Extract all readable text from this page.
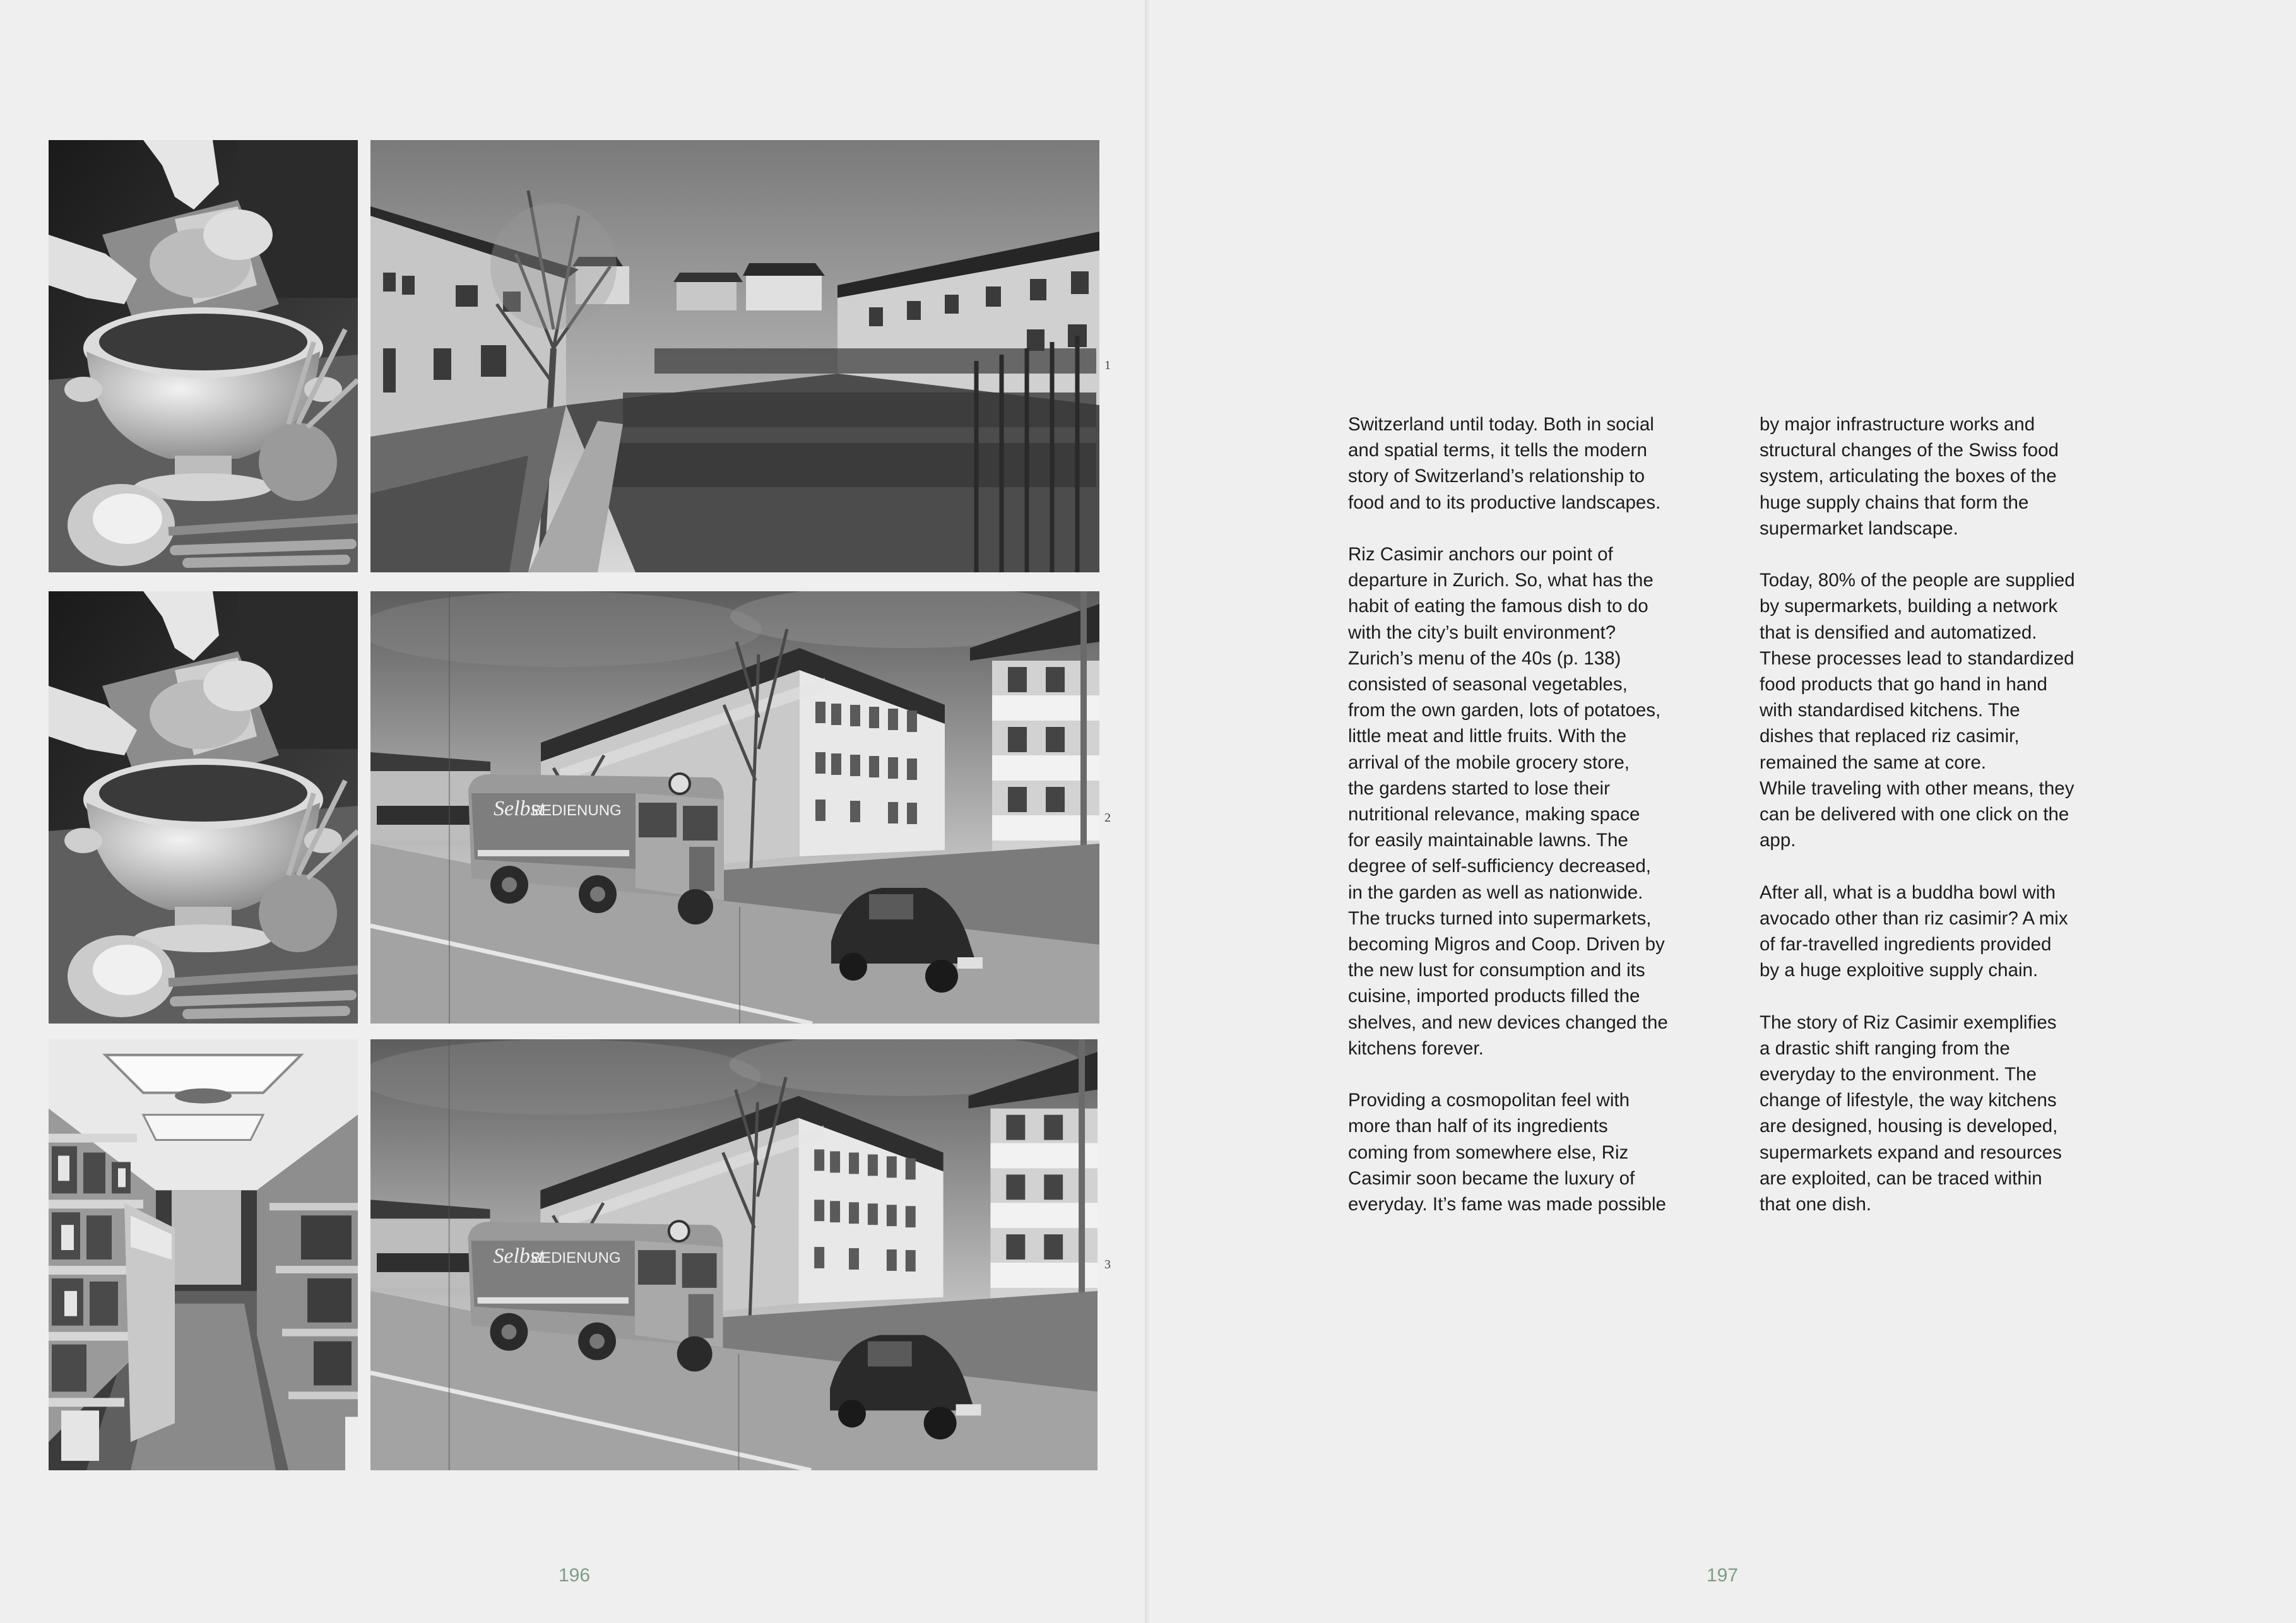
1
Selbst
BEDIENUNG	2
Selbst
BEDIENUNG	3
196

Switzerland until today. Both in social
and spatial terms, it tells the modern
story of Switzerland’s relationship to
food and to its productive landscapes.

Riz Casimir anchors our point of
departure in Zurich. So, what has the
habit of eating the famous dish to do
with the city’s built environment?
Zurich’s menu of the 40s (p. 138)
consisted of seasonal vegetables,
from the own garden, lots of potatoes,
little meat and little fruits. With the
arrival of the mobile grocery store,
the gardens started to lose their
nutritional relevance, making space
for easily maintainable lawns. The
degree of self-sufficiency decreased,
in the garden as well as nationwide.
The trucks turned into supermarkets,
becoming Migros and Coop. Driven by
the new lust for consumption and its
cuisine, imported products filled the
shelves, and new devices changed the
kitchens forever.

Providing a cosmopolitan feel with
more than half of its ingredients
coming from somewhere else, Riz
Casimir soon became the luxury of
everyday. It’s fame was made possible

by major infrastructure works and
structural changes of the Swiss food
system, articulating the boxes of the
huge supply chains that form the
supermarket landscape.

Today, 80% of the people are supplied
by supermarkets, building a network
that is densified and automatized.
These processes lead to standardized
food products that go hand in hand
with standardised kitchens. The
dishes that replaced riz casimir,
remained the same at core.
While traveling with other means, they
can be delivered with one click on the
app.

After all, what is a buddha bowl with
avocado other than riz casimir? A mix
of far-travelled ingredients provided
by a huge exploitive supply chain.

The story of Riz Casimir exemplifies
a drastic shift ranging from the
everyday to the environment. The
change of lifestyle, the way kitchens
are designed, housing is developed,
supermarkets expand and resources
are exploited, can be traced within
that one dish.

197
